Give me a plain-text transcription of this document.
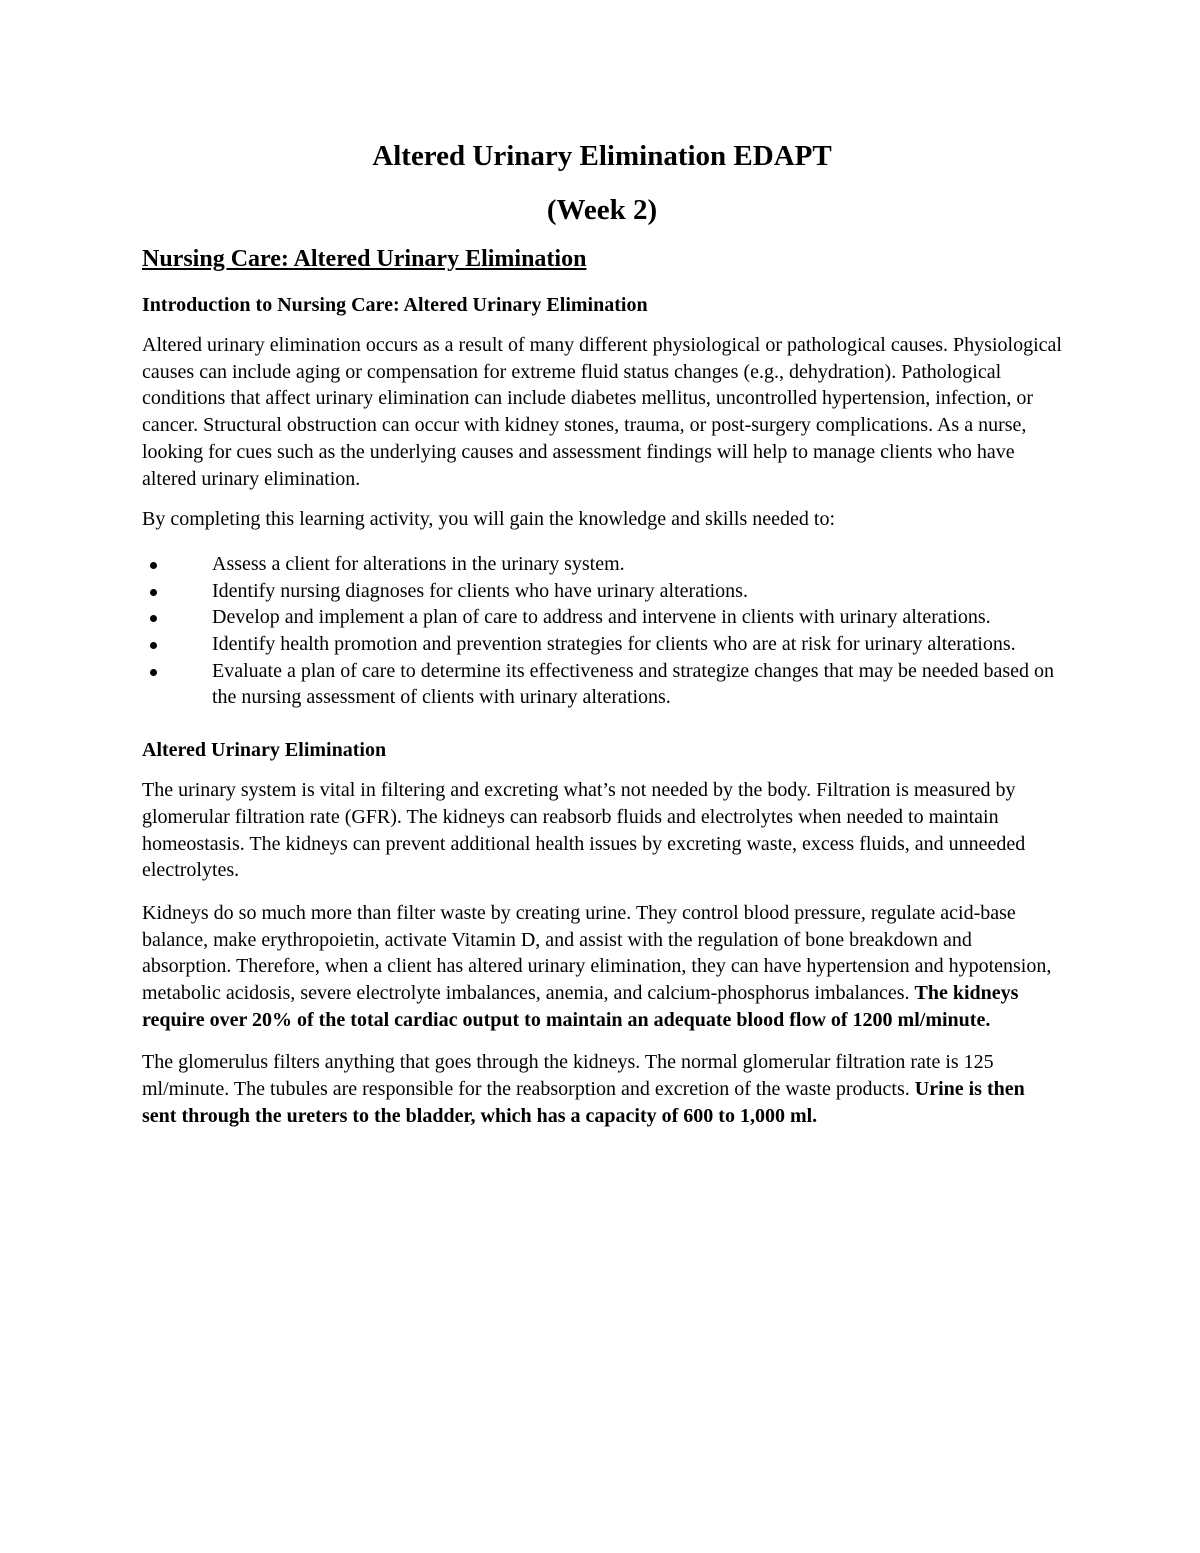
Altered Urinary Elimination EDAPT
(Week 2)
Nursing Care: Altered Urinary Elimination
Introduction to Nursing Care: Altered Urinary Elimination

Altered urinary elimination occurs as a result of many different physiological or pathological causes. Physiological causes can include aging or compensation for extreme fluid status changes (e.g., dehydration). Pathological conditions that affect urinary elimination can include diabetes mellitus, uncontrolled hypertension, infection, or cancer. Structural obstruction can occur with kidney stones, trauma, or post-surgery complications. As a nurse, looking for cues such as the underlying causes and assessment findings will help to manage clients who have altered urinary elimination.

By completing this learning activity, you will gain the knowledge and skills needed to:

Assess a client for alterations in the urinary system.
Identify nursing diagnoses for clients who have urinary alterations.
Develop and implement a plan of care to address and intervene in clients with urinary alterations.
Identify health promotion and prevention strategies for clients who are at risk for urinary alterations.
Evaluate a plan of care to determine its effectiveness and strategize changes that may be needed based on the nursing assessment of clients with urinary alterations.
Altered Urinary Elimination

The urinary system is vital in filtering and excreting what’s not needed by the body. Filtration is measured by glomerular filtration rate (GFR). The kidneys can reabsorb fluids and electrolytes when needed to maintain homeostasis. The kidneys can prevent additional health issues by excreting waste, excess fluids, and unneeded electrolytes.

Kidneys do so much more than filter waste by creating urine. They control blood pressure, regulate acid-base balance, make erythropoietin, activate Vitamin D, and assist with the regulation of bone breakdown and absorption. Therefore, when a client has altered urinary elimination, they can have hypertension and hypotension, metabolic acidosis, severe electrolyte imbalances, anemia, and calcium-phosphorus imbalances. The kidneys require over 20% of the total cardiac output to maintain an adequate blood flow of 1200 ml/minute.

The glomerulus filters anything that goes through the kidneys. The normal glomerular filtration rate is 125 ml/minute. The tubules are responsible for the reabsorption and excretion of the waste products. Urine is then sent through the ureters to the bladder, which has a capacity of 600 to 1,000 ml.
